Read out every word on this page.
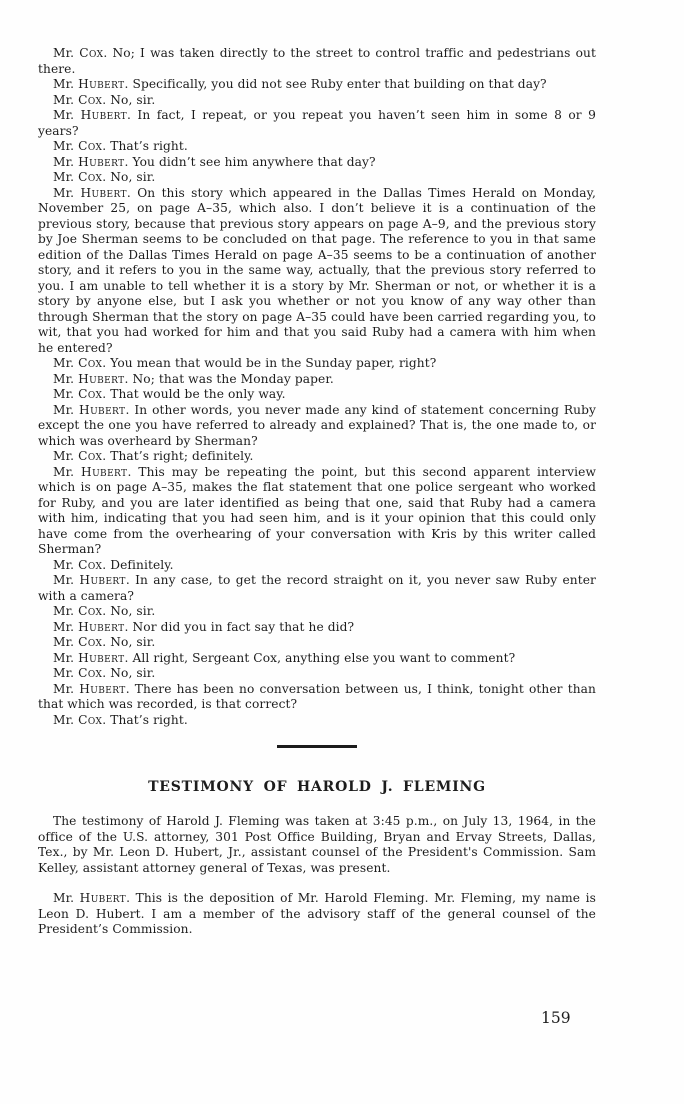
Mr. Cox. No; I was taken directly to the street to control traffic and pedestrians out there.

Mr. Hubert. Specifically, you did not see Ruby enter that building on that day?

Mr. Cox. No, sir.

Mr. Hubert. In fact, I repeat, or you repeat you haven’t seen him in some 8 or 9 years?

Mr. Cox. That’s right.

Mr. Hubert. You didn’t see him anywhere that day?

Mr. Cox. No, sir.

Mr. Hubert. On this story which appeared in the Dallas Times Herald on Monday, November 25, on page A–35, which also. I don’t believe it is a continuation of the previous story, because that previous story appears on page A–9, and the previous story by Joe Sherman seems to be concluded on that page. The reference to you in that same edition of the Dallas Times Herald on page A–35 seems to be a continuation of another story, and it refers to you in the same way, actually, that the previous story referred to you. I am unable to tell whether it is a story by Mr. Sherman or not, or whether it is a story by anyone else, but I ask you whether or not you know of any way other than through Sherman that the story on page A–35 could have been carried regarding you, to wit, that you had worked for him and that you said Ruby had a camera with him when he entered?

Mr. Cox. You mean that would be in the Sunday paper, right?

Mr. Hubert. No; that was the Monday paper.

Mr. Cox. That would be the only way.

Mr. Hubert. In other words, you never made any kind of statement concerning Ruby except the one you have referred to already and explained? That is, the one made to, or which was overheard by Sherman?

Mr. Cox. That’s right; definitely.

Mr. Hubert. This may be repeating the point, but this second apparent interview which is on page A–35, makes the flat statement that one police sergeant who worked for Ruby, and you are later identified as being that one, said that Ruby had a camera with him, indicating that you had seen him, and is it your opinion that this could only have come from the overhearing of your conversation with Kris by this writer called Sherman?

Mr. Cox. Definitely.

Mr. Hubert. In any case, to get the record straight on it, you never saw Ruby enter with a camera?

Mr. Cox. No, sir.

Mr. Hubert. Nor did you in fact say that he did?

Mr. Cox. No, sir.

Mr. Hubert. All right, Sergeant Cox, anything else you want to comment?

Mr. Cox. No, sir.

Mr. Hubert. There has been no conversation between us, I think, tonight other than that which was recorded, is that correct?

Mr. Cox. That’s right.

TESTIMONY OF HAROLD J. FLEMING

The testimony of Harold J. Fleming was taken at 3:45 p.m., on July 13, 1964, in the office of the U.S. attorney, 301 Post Office Building, Bryan and Ervay Streets, Dallas, Tex., by Mr. Leon D. Hubert, Jr., assistant counsel of the President's Commission. Sam Kelley, assistant attorney general of Texas, was present.

Mr. Hubert. This is the deposition of Mr. Harold Fleming. Mr. Fleming, my name is Leon D. Hubert. I am a member of the advisory staff of the general counsel of the President’s Commission.

159
